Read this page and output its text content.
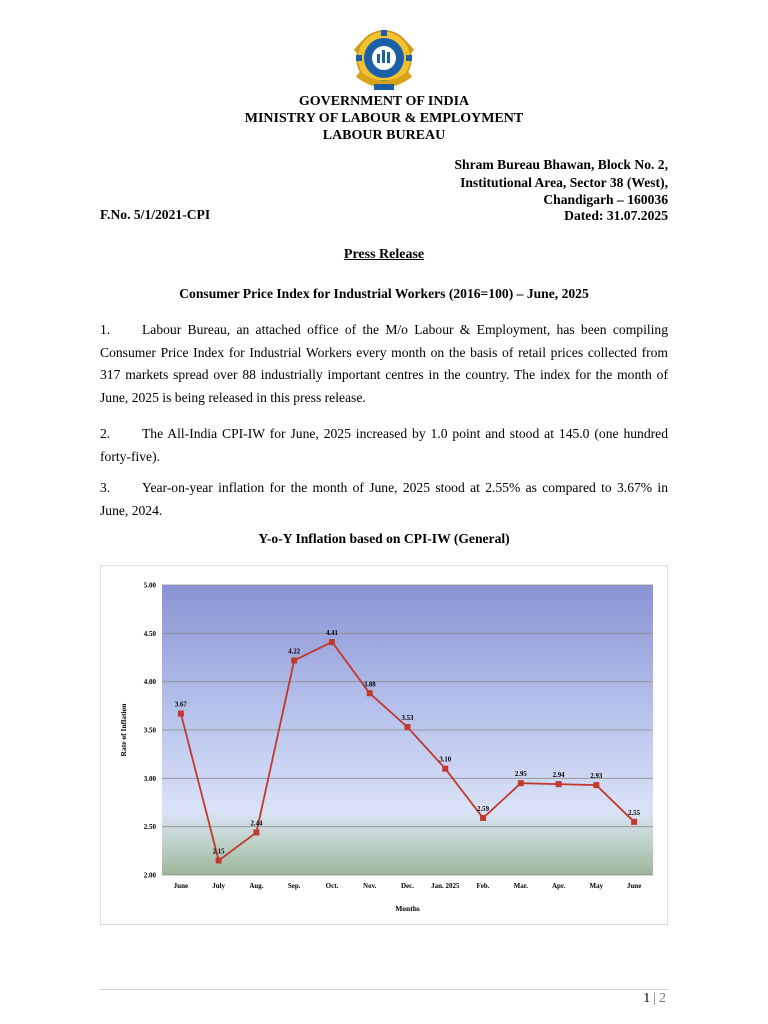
GOVERNMENT OF INDIA
MINISTRY OF LABOUR & EMPLOYMENT
LABOUR BUREAU
Shram Bureau Bhawan, Block No. 2,
Institutional Area, Sector 38 (West),
Chandigarh – 160036
F.No. 5/1/2021-CPI	Dated: 31.07.2025
Press Release
Consumer Price Index for Industrial Workers (2016=100) – June, 2025
1. Labour Bureau, an attached office of the M/o Labour & Employment, has been compiling Consumer Price Index for Industrial Workers every month on the basis of retail prices collected from 317 markets spread over 88 industrially important centres in the country. The index for the month of June, 2025 is being released in this press release.
2. The All-India CPI-IW for June, 2025 increased by 1.0 point and stood at 145.0 (one hundred forty-five).
3. Year-on-year inflation for the month of June, 2025 stood at 2.55% as compared to 3.67% in June, 2024.
Y-o-Y Inflation based on CPI-IW (General)
2.00
2.50
3.00
3.50
4.00
4.50
5.00
June	July	Aug.	Sep.	Oct.	Nov.	Dec. Jan. 2025 Feb.	Mar.	Apr.	May	June
3.67
2.15
2.44
4.22
4.41
3.88
3.53
3.10
2.59
2.95	2.94	2.93
2.55
Months
Rate of Inflation
1 | 2
